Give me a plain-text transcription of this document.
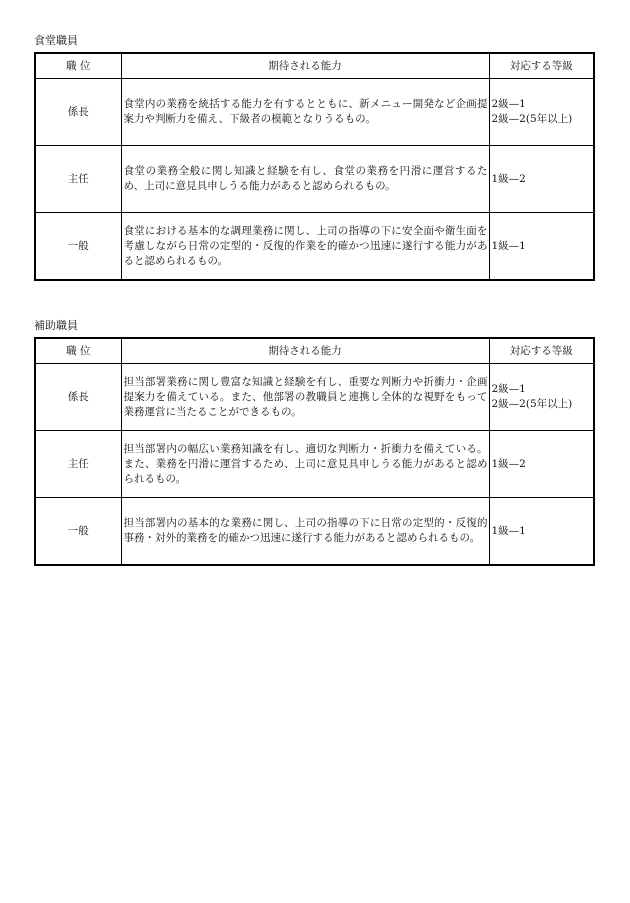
食堂職員
職 位	期待される能力	対応する等級
係長	食堂内の業務を統括する能力を有するとともに、新メニュー開発など企画提案力や判断力を備え、下級者の模範となりうるもの。	2級—1
2級—2(5年以上)

主任	食堂の業務全般に関し知識と経験を有し、食堂の業務を円滑に運営するため、上司に意見具申しうる能力があると認められるもの。	1級—2

一般	食堂における基本的な調理業務に関し、上司の指導の下に安全面や衛生面を考慮しながら日常の定型的・反復的作業を的確かつ迅速に遂行する能力があると認められるもの。	1級—1
補助職員
職 位	期待される能力	対応する等級
係長	担当部署業務に関し豊富な知識と経験を有し、重要な判断力や折衝力・企画提案力を備えている。また、他部署の教職員と連携し全体的な視野をもって業務運営に当たることができるもの。	2級—1
2級—2(5年以上)

主任	担当部署内の幅広い業務知識を有し、適切な判断力・折衝力を備えている。また、業務を円滑に運営するため、上司に意見具申しうる能力があると認められるもの。	1級—2

一般	担当部署内の基本的な業務に関し、上司の指導の下に日常の定型的・反復的事務・対外的業務を的確かつ迅速に遂行する能力があると認められるもの。	1級—1
